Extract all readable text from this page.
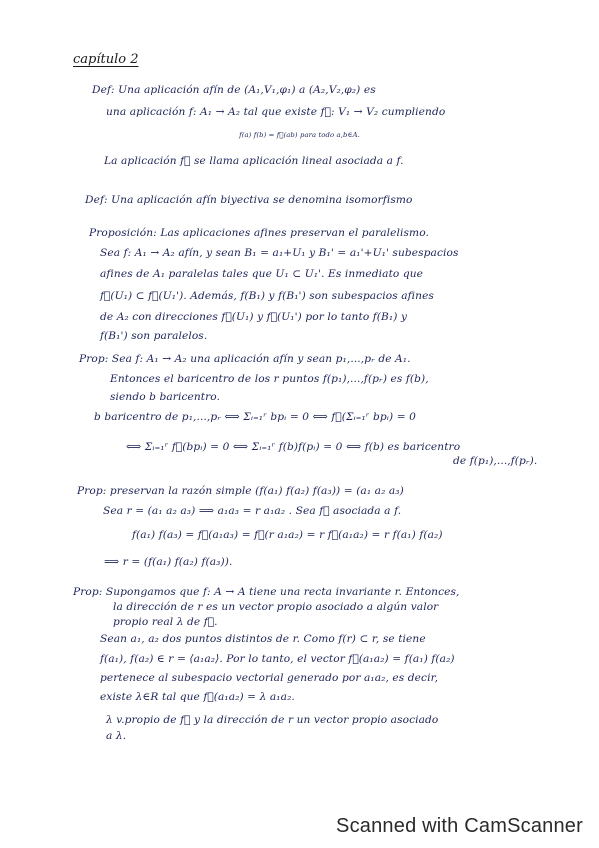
capítulo 2
Def: Una aplicación afín de (A₁,V₁,φ₁) a (A₂,V₂,φ₂) es
una aplicación f: A₁ → A₂ tal que existe f⃗: V₁ → V₂ cumpliendo
f(a) f(b) = f⃗(ab) para todo a,b∈A.
La aplicación f⃗ se llama aplicación lineal asociada a f.
Def: Una aplicación afín biyectiva se denomina isomorfismo
Proposición: Las aplicaciones afines preservan el paralelismo.
Sea f: A₁ → A₂ afín, y sean B₁ = a₁+U₁ y B₁' = a₁'+U₁' subespacios
afines de A₁ paralelas tales que U₁ ⊂ U₁'. Es inmediato que
f⃗(U₁) ⊂ f⃗(U₁'). Además, f(B₁) y f(B₁') son subespacios afines
de A₂ con direcciones f⃗(U₁) y f⃗(U₁') por lo tanto f(B₁) y
f(B₁') son paralelos.
Prop: Sea f: A₁ → A₂ una aplicación afín y sean p₁,...,pᵣ de A₁.
Entonces el baricentro de los r puntos f(p₁),...,f(pᵣ) es f(b),
siendo b baricentro.
b baricentro de p₁,...,pᵣ ⟺ Σᵢ₌₁ʳ bpᵢ = 0 ⟺ f⃗(Σᵢ₌₁ʳ bpᵢ) = 0
⟺ Σᵢ₌₁ʳ f⃗(bpᵢ) = 0 ⟺ Σᵢ₌₁ʳ f(b)f(pᵢ) = 0 ⟺ f(b) es baricentro
de f(p₁),...,f(pᵣ).
Prop: preservan la razón simple (f(a₁) f(a₂) f(a₃)) = (a₁ a₂ a₃)
Sea r = (a₁ a₂ a₃) ⟹ a₁a₃ = r a₁a₂ . Sea f⃗ asociada a f.
f(a₁) f(a₃) = f⃗(a₁a₃) = f⃗(r a₁a₂) = r f⃗(a₁a₂) = r f(a₁) f(a₂)
⟹ r = (f(a₁) f(a₂) f(a₃)).
Prop: Supongamos que f: A → A tiene una recta invariante r. Entonces,
la dirección de r es un vector propio asociado a algún valor
propio real λ de f⃗.
Sean a₁, a₂ dos puntos distintos de r. Como f(r) ⊂ r, se tiene
f(a₁), f(a₂) ∈ r = ⟨a₁a₂⟩. Por lo tanto, el vector f⃗(a₁a₂) = f(a₁) f(a₂)
pertenece al subespacio vectorial generado por a₁a₂, es decir,
existe λ∈R tal que f⃗(a₁a₂) = λ a₁a₂.
λ v.propio de f⃗ y la dirección de r un vector propio asociado
a λ.
Scanned with CamScanner
